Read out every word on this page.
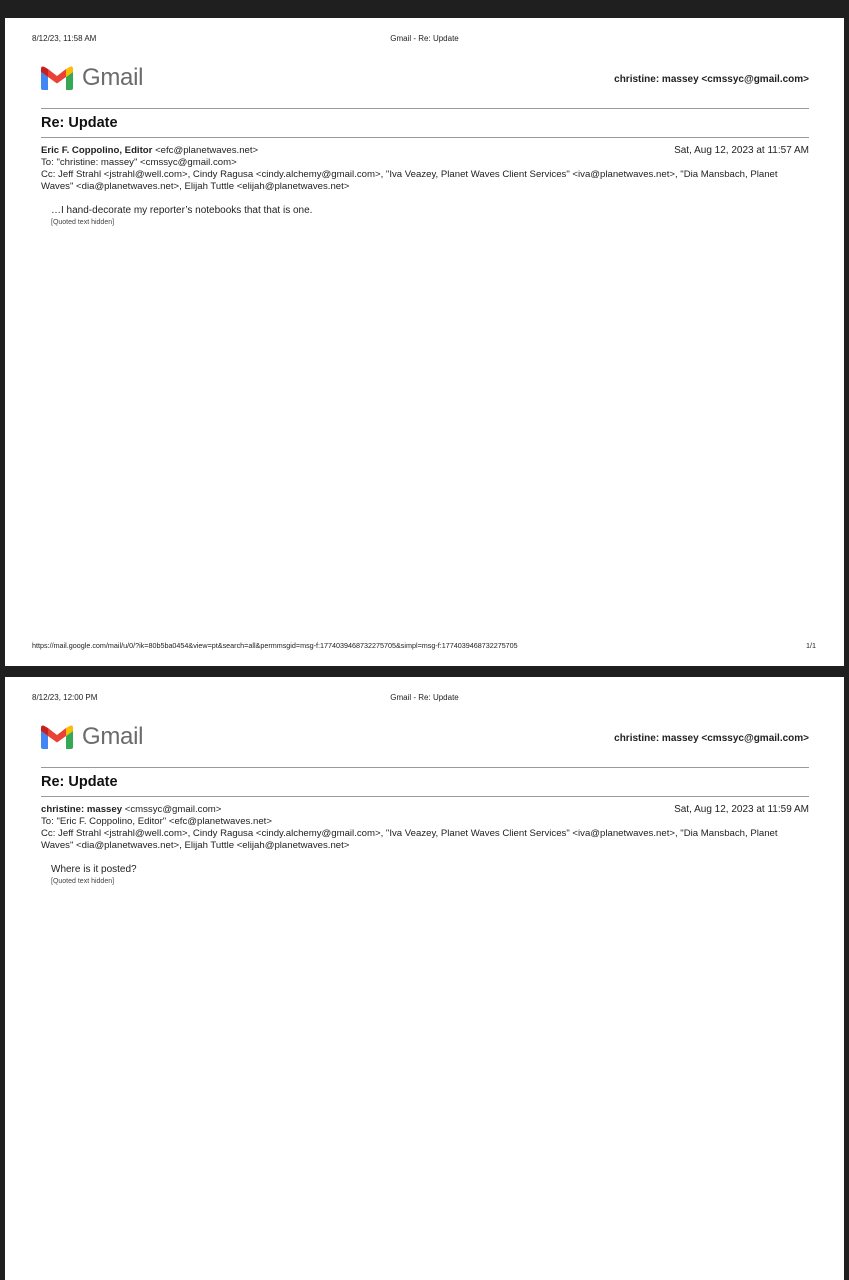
8/12/23, 11:58 AM	Gmail - Re: Update
Gmail	christine: massey <cmssyc@gmail.com>
Re: Update
Eric F. Coppolino, Editor <efc@planetwaves.net>	Sat, Aug 12, 2023 at 11:57 AM
To: "christine: massey" <cmssyc@gmail.com>
Cc: Jeff Strahl <jstrahl@well.com>, Cindy Ragusa <cindy.alchemy@gmail.com>, "Iva Veazey, Planet Waves Client Services" <iva@planetwaves.net>, "Dia Mansbach, Planet Waves" <dia@planetwaves.net>, Elijah Tuttle <elijah@planetwaves.net>
…I hand-decorate my reporter’s notebooks that that is one.
[Quoted text hidden]
https://mail.google.com/mail/u/0/?ik=80b5ba0454&view=pt&search=all&permmsgid=msg-f:1774039468732275705&simpl=msg-f:1774039468732275705	1/1
8/12/23, 12:00 PM	Gmail - Re: Update
Gmail	christine: massey <cmssyc@gmail.com>
Re: Update
christine: massey <cmssyc@gmail.com>	Sat, Aug 12, 2023 at 11:59 AM
To: "Eric F. Coppolino, Editor" <efc@planetwaves.net>
Cc: Jeff Strahl <jstrahl@well.com>, Cindy Ragusa <cindy.alchemy@gmail.com>, "Iva Veazey, Planet Waves Client Services" <iva@planetwaves.net>, "Dia Mansbach, Planet Waves" <dia@planetwaves.net>, Elijah Tuttle <elijah@planetwaves.net>
Where is it posted?
[Quoted text hidden]
